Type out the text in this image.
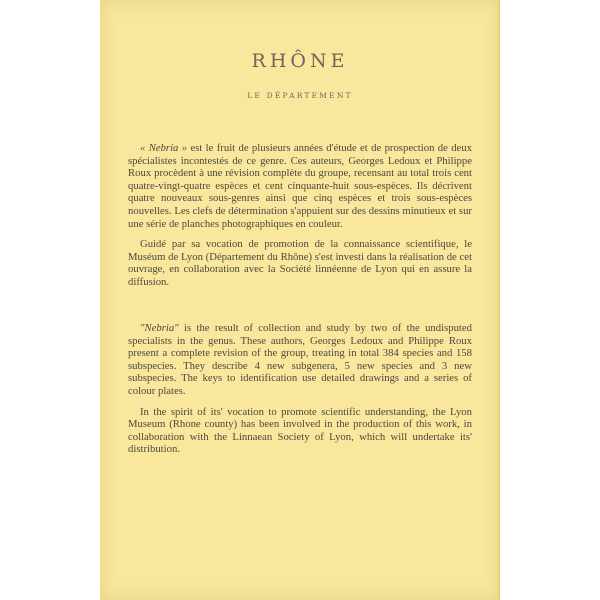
RHÔNE
LE DÉPARTEMENT

« Nebria » est le fruit de plusieurs années d'étude et de prospection de deux spécialistes incontestés de ce genre. Ces auteurs, Georges Ledoux et Philippe Roux procèdent à une révision complète du groupe, recensant au total trois cent quatre-vingt-quatre espèces et cent cinquante-huit sous-espèces. Ils décrivent quatre nouveaux sous-genres ainsi que cinq espèces et trois sous-espèces nouvelles. Les clefs de détermination s'appuient sur des dessins minutieux et sur une série de planches photographiques en couleur.

Guidé par sa vocation de promotion de la connaissance scientifique, le Muséum de Lyon (Département du Rhône) s'est investi dans la réalisation de cet ouvrage, en collaboration avec la Société linnéenne de Lyon qui en assure la diffusion.

"Nebria" is the result of collection and study by two of the undisputed specialists in the genus. These authors, Georges Ledoux and Philippe Roux present a complete revision of the group, treating in total 384 species and 158 subspecies. They describe 4 new subgenera, 5 new species and 3 new subspecies. The keys to identification use detailed drawings and a series of colour plates.

In the spirit of its' vocation to promote scientific understanding, the Lyon Museum (Rhone county) has been involved in the production of this work, in collaboration with the Linnaean Society of Lyon, which will undertake its' distribution.
